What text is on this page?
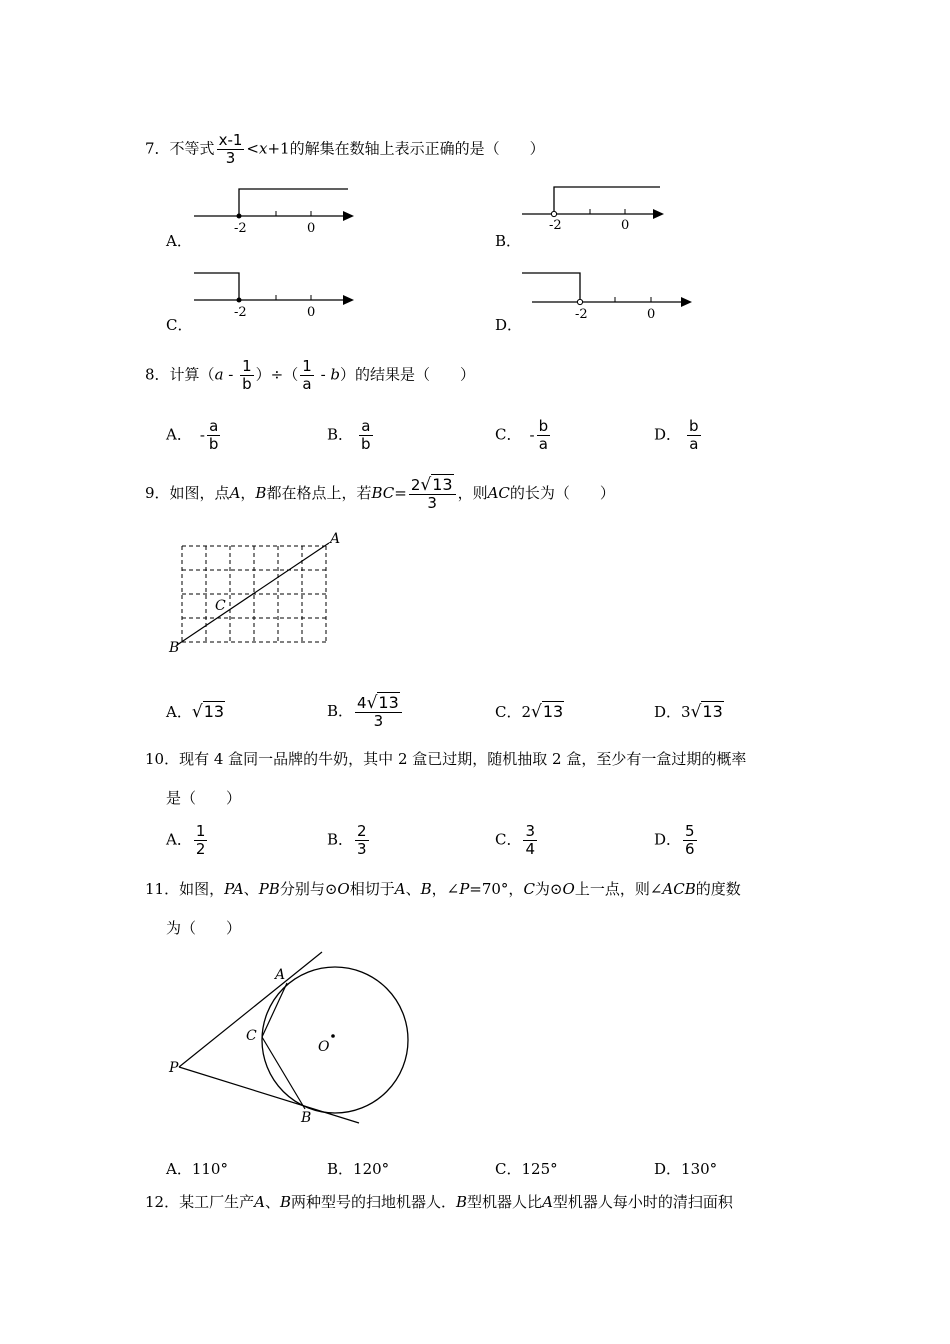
7．不等式 $\frac{x-1}{3} <x+1$的解集在数轴上表示正确的是（　　）
A．
-2	0
B．
-2	0
C．
-2	0
D．
-2	0
8．计算（$a - \frac{1}{b}$ ）÷（ $\frac{1}{a} - b$）的结果是（　　）
A． - $\frac{a}{b}$	B． $\frac{a}{b}$	C． - $\frac{b}{a}$	D． $\frac{b}{a}$
9．如图，点A，B都在格点上，若$BC= \frac{2√13}{3}$ ，则AC的长为（　　）
A
B
C
A．√13	B． $\frac{4√13}{3}$	C．2√13	D．3√13
10．现有 4 盒同一品牌的牛奶，其中 2 盒已过期，随机抽取 2 盒，至少有一盒过期的概率
是（　　）
A． $\frac{1}{2}$	B． $\frac{2}{3}$	C． $\frac{3}{4}$	D． $\frac{5}{6}$
11．如图，PA、PB分别与⊙O相切于A、B，∠P=70°，C为⊙O上一点，则∠ACB的度数
为（　　）
A
C
O
P
B
A．110°	B．120°	C．125°	D．130°
12．某工厂生产A、B两种型号的扫地机器人．B型机器人比A型机器人每小时的清扫面积
